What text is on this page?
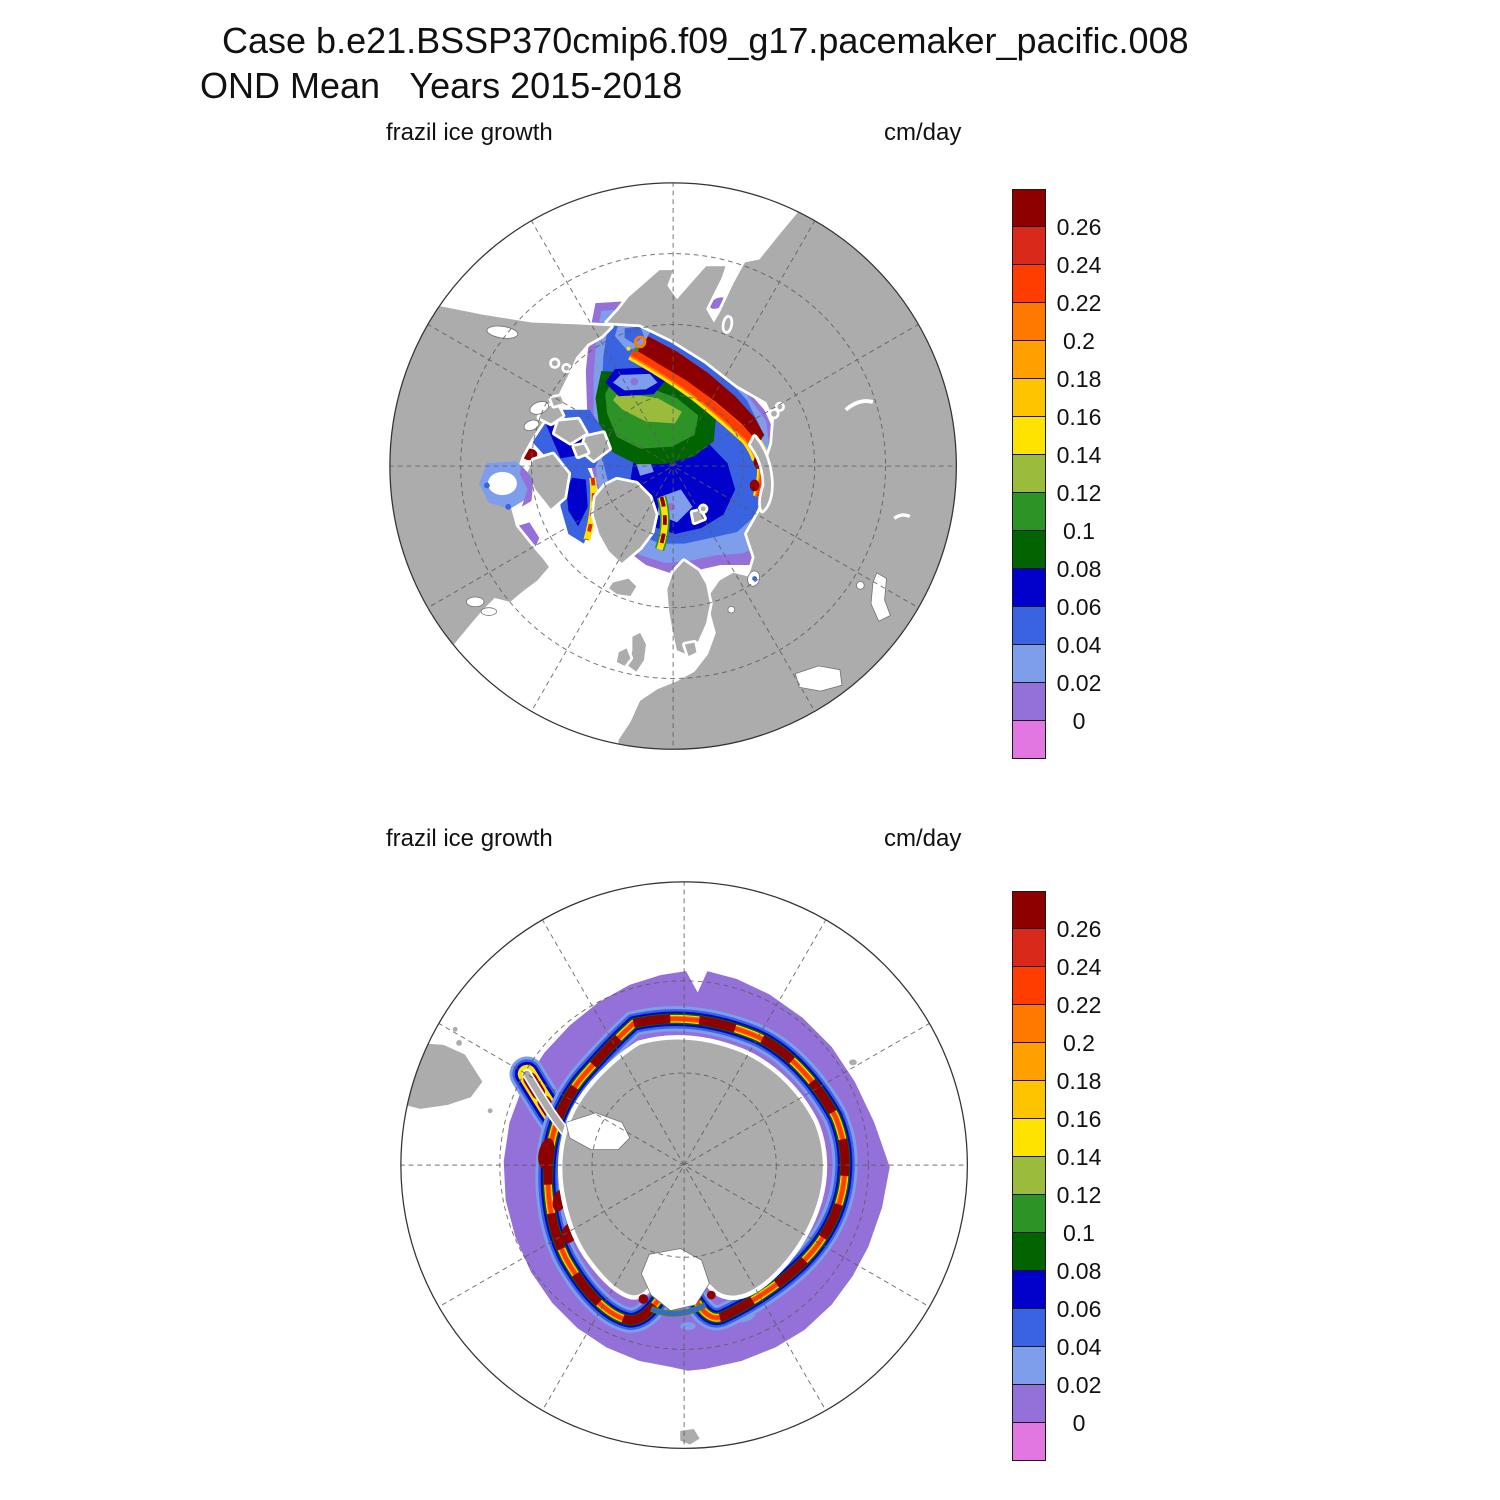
Case b.e21.BSSP370cmip6.f09_g17.pacemaker_pacific.008
OND Mean   Years 2015-2018
frazil ice growth	cm/day
frazil ice growth	cm/day
0.26
0.24
0.22
0.2
0.18
0.16
0.14
0.12
0.1
0.08
0.06
0.04
0.02
0
0.26
0.24
0.22
0.2
0.18
0.16
0.14
0.12
0.1
0.08
0.06
0.04
0.02
0
